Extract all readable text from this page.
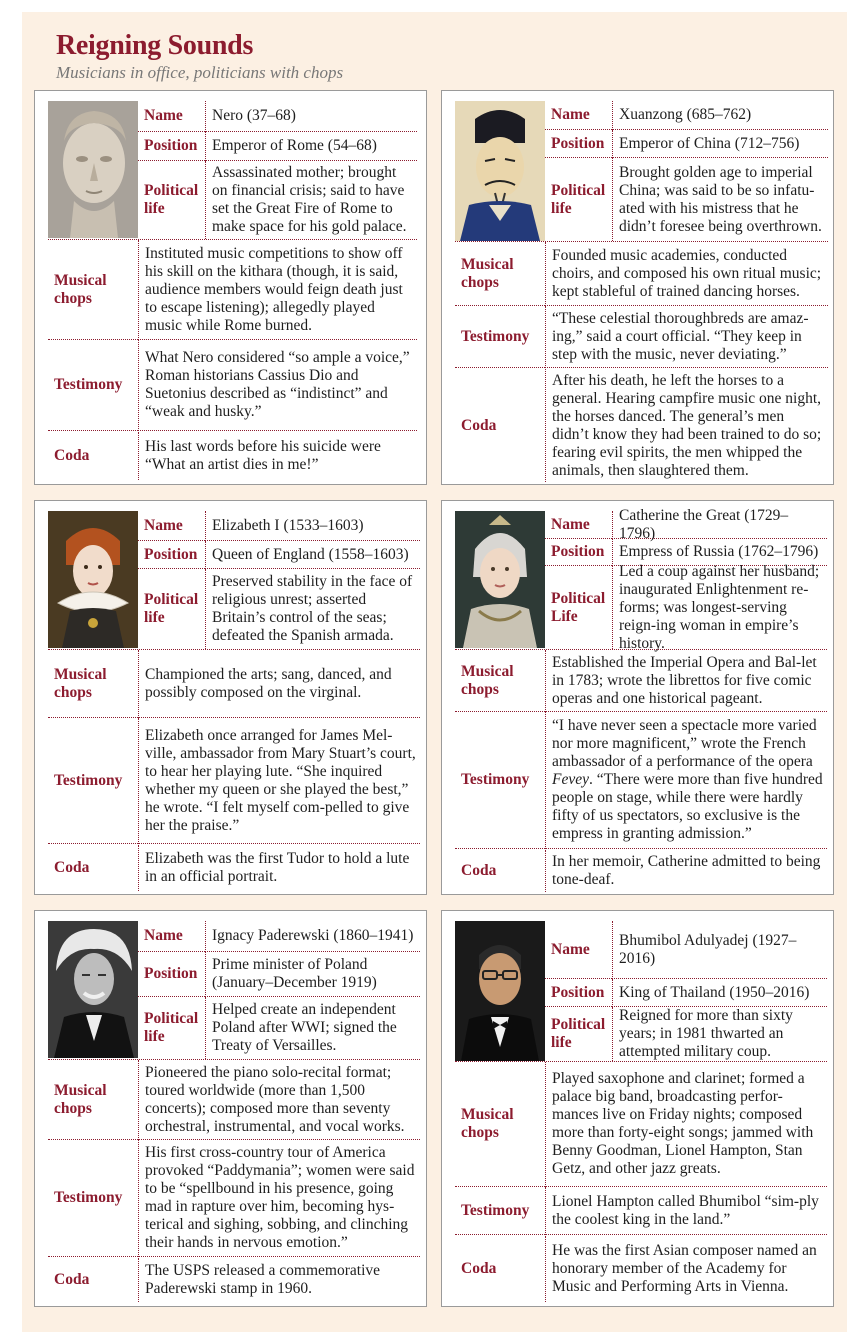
Reigning Sounds
Musicians in office, politicians with chops
Name	Nero (37–68)
Position Emperor of Rome (54–68)
Political life
Assassinated mother; brought on financial crisis; said to have set the Great Fire of Rome to make space for his gold palace.
Musical chops
Instituted music competitions to show off his skill on the kithara (though, it is said, audience members would feign death just to escape listening); allegedly played music while Rome burned.
Testimony
What Nero considered “so ample a voice,” Roman historians Cassius Dio and Suetonius described as “indistinct” and “weak and husky.”
Coda
His last words before his suicide were “What an artist dies in me!”
Name	Xuanzong (685–762)
Position Emperor of China (712–756)
Political life
Brought golden age to imperial China; was said to be so infatu-ated with his mistress that he didn’t foresee being overthrown.
Musical chops
Founded music academies, conducted choirs, and composed his own ritual music; kept stableful of trained dancing horses.
Testimony
“These celestial thoroughbreds are amaz-ing,” said a court official. “They keep in step with the music, never deviating.”
Coda
After his death, he left the horses to a general. Hearing campfire music one night, the horses danced. The general’s men didn’t know they had been trained to do so; fearing evil spirits, the men whipped the animals, then slaughtered them.
Name	Elizabeth I (1533–1603)
Position Queen of England (1558–1603)
Political life
Preserved stability in the face of religious unrest; asserted Britain’s control of the seas; defeated the Spanish armada.
Musical chops
Championed the arts; sang, danced, and possibly composed on the virginal.
Testimony
Elizabeth once arranged for James Mel-ville, ambassador from Mary Stuart’s court, to hear her playing lute. “She inquired whether my queen or she played the best,” he wrote. “I felt myself com-pelled to give her the praise.”
Coda
Elizabeth was the first Tudor to hold a lute in an official portrait.
Name
Catherine the Great (1729–1796)
Position Empress of Russia (1762–1796)
Political Life
Led a coup against her husband; inaugurated Enlightenment re-forms; was longest-serving reign-ing woman in empire’s history.
Musical chops
Established the Imperial Opera and Bal-let in 1783; wrote the librettos for five comic operas and one historical pageant.
Testimony
“I have never seen a spectacle more varied nor more magnificent,” wrote the French ambassador of a performance of the opera Fevey. “There were more than five hundred people on stage, while there were hardly fifty of us spectators, so exclusive is the empress in granting admission.”
Coda
In her memoir, Catherine admitted to being tone-deaf.
Name	Ignacy Paderewski (1860–1941)
Position
Prime minister of Poland (January–December 1919)
Political life
Helped create an independent Poland after WWI; signed the Treaty of Versailles.
Musical chops
Pioneered the piano solo-recital format; toured worldwide (more than 1,500 concerts); composed more than seventy orchestral, instrumental, and vocal works.
Testimony
His first cross-country tour of America provoked “Paddymania”; women were said to be “spellbound in his presence, going mad in rapture over him, becoming hys-terical and sighing, sobbing, and clinching their hands in nervous emotion.”
Coda
The USPS released a commemorative Paderewski stamp in 1960.
Name
Bhumibol Adulyadej (1927–2016)
Position King of Thailand (1950–2016)
Political life
Reigned for more than sixty years; in 1981 thwarted an attempted military coup.
Musical chops
Played saxophone and clarinet; formed a palace big band, broadcasting perfor-mances live on Friday nights; composed more than forty-eight songs; jammed with Benny Goodman, Lionel Hampton, Stan Getz, and other jazz greats.
Testimony
Lionel Hampton called Bhumibol “sim-ply the coolest king in the land.”
Coda
He was the first Asian composer named an honorary member of the Academy for Music and Performing Arts in Vienna.
